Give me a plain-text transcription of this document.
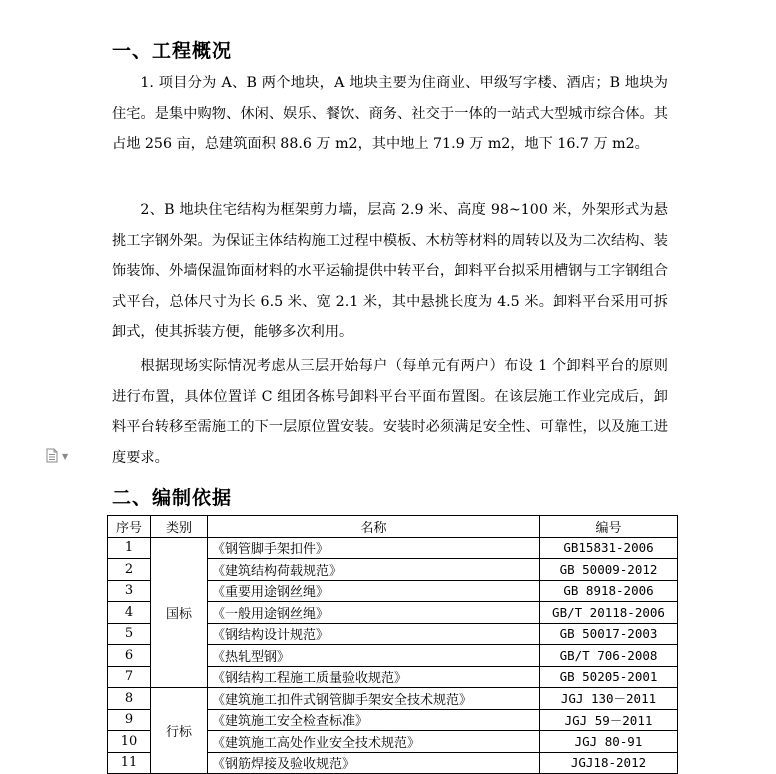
一、工程概况

1. 项目分为 A、B 两个地块，A 地块主要为住商业、甲级写字楼、酒店；B 地块为住宅。是集中购物、休闲、娱乐、餐饮、商务、社交于一体的一站式大型城市综合体。其占地 256 亩，总建筑面积 88.6 万 m2，其中地上 71.9 万 m2，地下 16.7 万 m2。

2、B 地块住宅结构为框架剪力墙，层高 2.9 米、高度 98~100 米，外架形式为悬挑工字钢外架。为保证主体结构施工过程中模板、木枋等材料的周转以及为二次结构、装饰装饰、外墙保温饰面材料的水平运输提供中转平台，卸料平台拟采用槽钢与工字钢组合式平台，总体尺寸为长 6.5 米、宽 2.1 米，其中悬挑长度为 4.5 米。卸料平台采用可拆卸式，使其拆装方便，能够多次利用。

根据现场实际情况考虑从三层开始每户（每单元有两户）布设 1 个卸料平台的原则进行布置，具体位置详 C 组团各栋号卸料平台平面布置图。在该层施工作业完成后，卸料平台转移至需施工的下一层原位置安装。安装时必须满足安全性、可靠性，以及施工进度要求。

▼
二、编制依据
序号	类别	名称	编号
1	国标	《钢管脚手架扣件》	GB15831-2006
2		《建筑结构荷载规范》	GB 50009-2012
3		《重要用途钢丝绳》	GB 8918-2006
4		《一般用途钢丝绳》	GB/T 20118-2006
5		《钢结构设计规范》	GB 50017-2003
6		《热轧型钢》	GB/T 706-2008
7		《钢结构工程施工质量验收规范》	GB 50205-2001
8	行标	《建筑施工扣件式钢管脚手架安全技术规范》	JGJ 130－2011
9		《建筑施工安全检查标准》	JGJ 59－2011
10		《建筑施工高处作业安全技术规范》	JGJ 80-91
11		《钢筋焊接及验收规范》	JGJ18-2012
